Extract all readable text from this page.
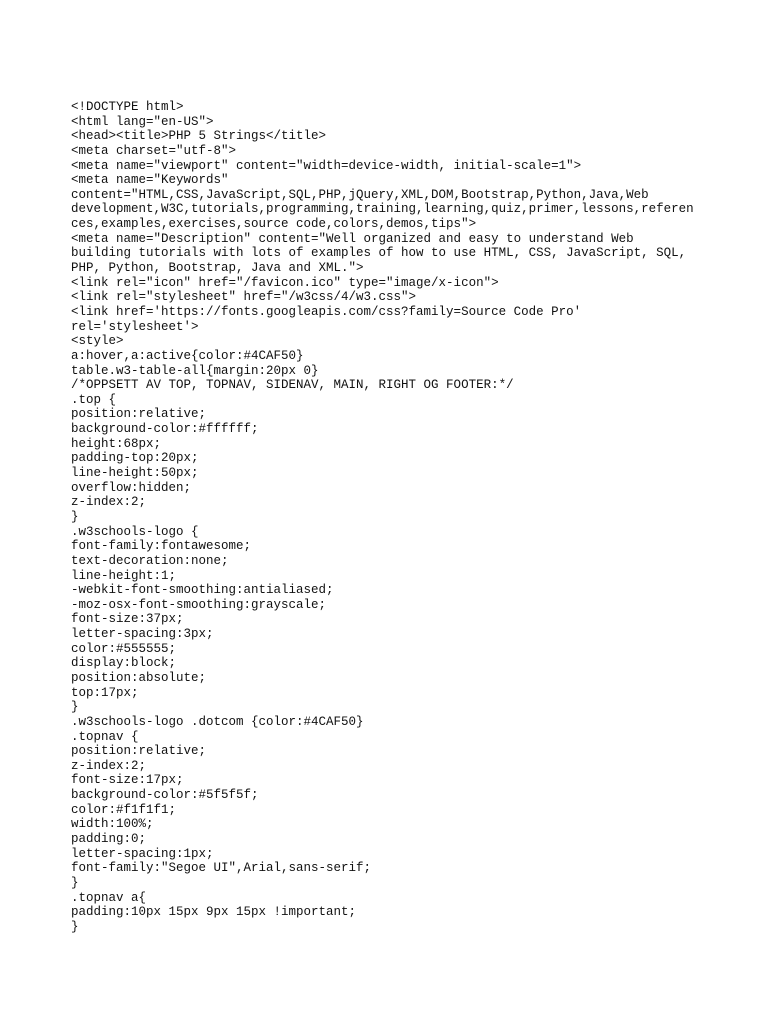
<!DOCTYPE html>
<html lang="en-US">
<head><title>PHP 5 Strings</title>
<meta charset="utf-8">
<meta name="viewport" content="width=device-width, initial-scale=1">
<meta name="Keywords"
content="HTML,CSS,JavaScript,SQL,PHP,jQuery,XML,DOM,Bootstrap,Python,Java,Web
development,W3C,tutorials,programming,training,learning,quiz,primer,lessons,referen
ces,examples,exercises,source code,colors,demos,tips">
<meta name="Description" content="Well organized and easy to understand Web
building tutorials with lots of examples of how to use HTML, CSS, JavaScript, SQL,
PHP, Python, Bootstrap, Java and XML.">
<link rel="icon" href="/favicon.ico" type="image/x-icon">
<link rel="stylesheet" href="/w3css/4/w3.css">
<link href='https://fonts.googleapis.com/css?family=Source Code Pro'
rel='stylesheet'>
<style>
a:hover,a:active{color:#4CAF50}
table.w3-table-all{margin:20px 0}
/*OPPSETT AV TOP, TOPNAV, SIDENAV, MAIN, RIGHT OG FOOTER:*/
.top {
position:relative;
background-color:#ffffff;
height:68px;
padding-top:20px;
line-height:50px;
overflow:hidden;
z-index:2;
}
.w3schools-logo {
font-family:fontawesome;
text-decoration:none;
line-height:1;
-webkit-font-smoothing:antialiased;
-moz-osx-font-smoothing:grayscale;
font-size:37px;
letter-spacing:3px;
color:#555555;
display:block;
position:absolute;
top:17px;
}
.w3schools-logo .dotcom {color:#4CAF50}
.topnav {
position:relative;
z-index:2;
font-size:17px;
background-color:#5f5f5f;
color:#f1f1f1;
width:100%;
padding:0;
letter-spacing:1px;
font-family:"Segoe UI",Arial,sans-serif;
}
.topnav a{
padding:10px 15px 9px 15px !important;
}
